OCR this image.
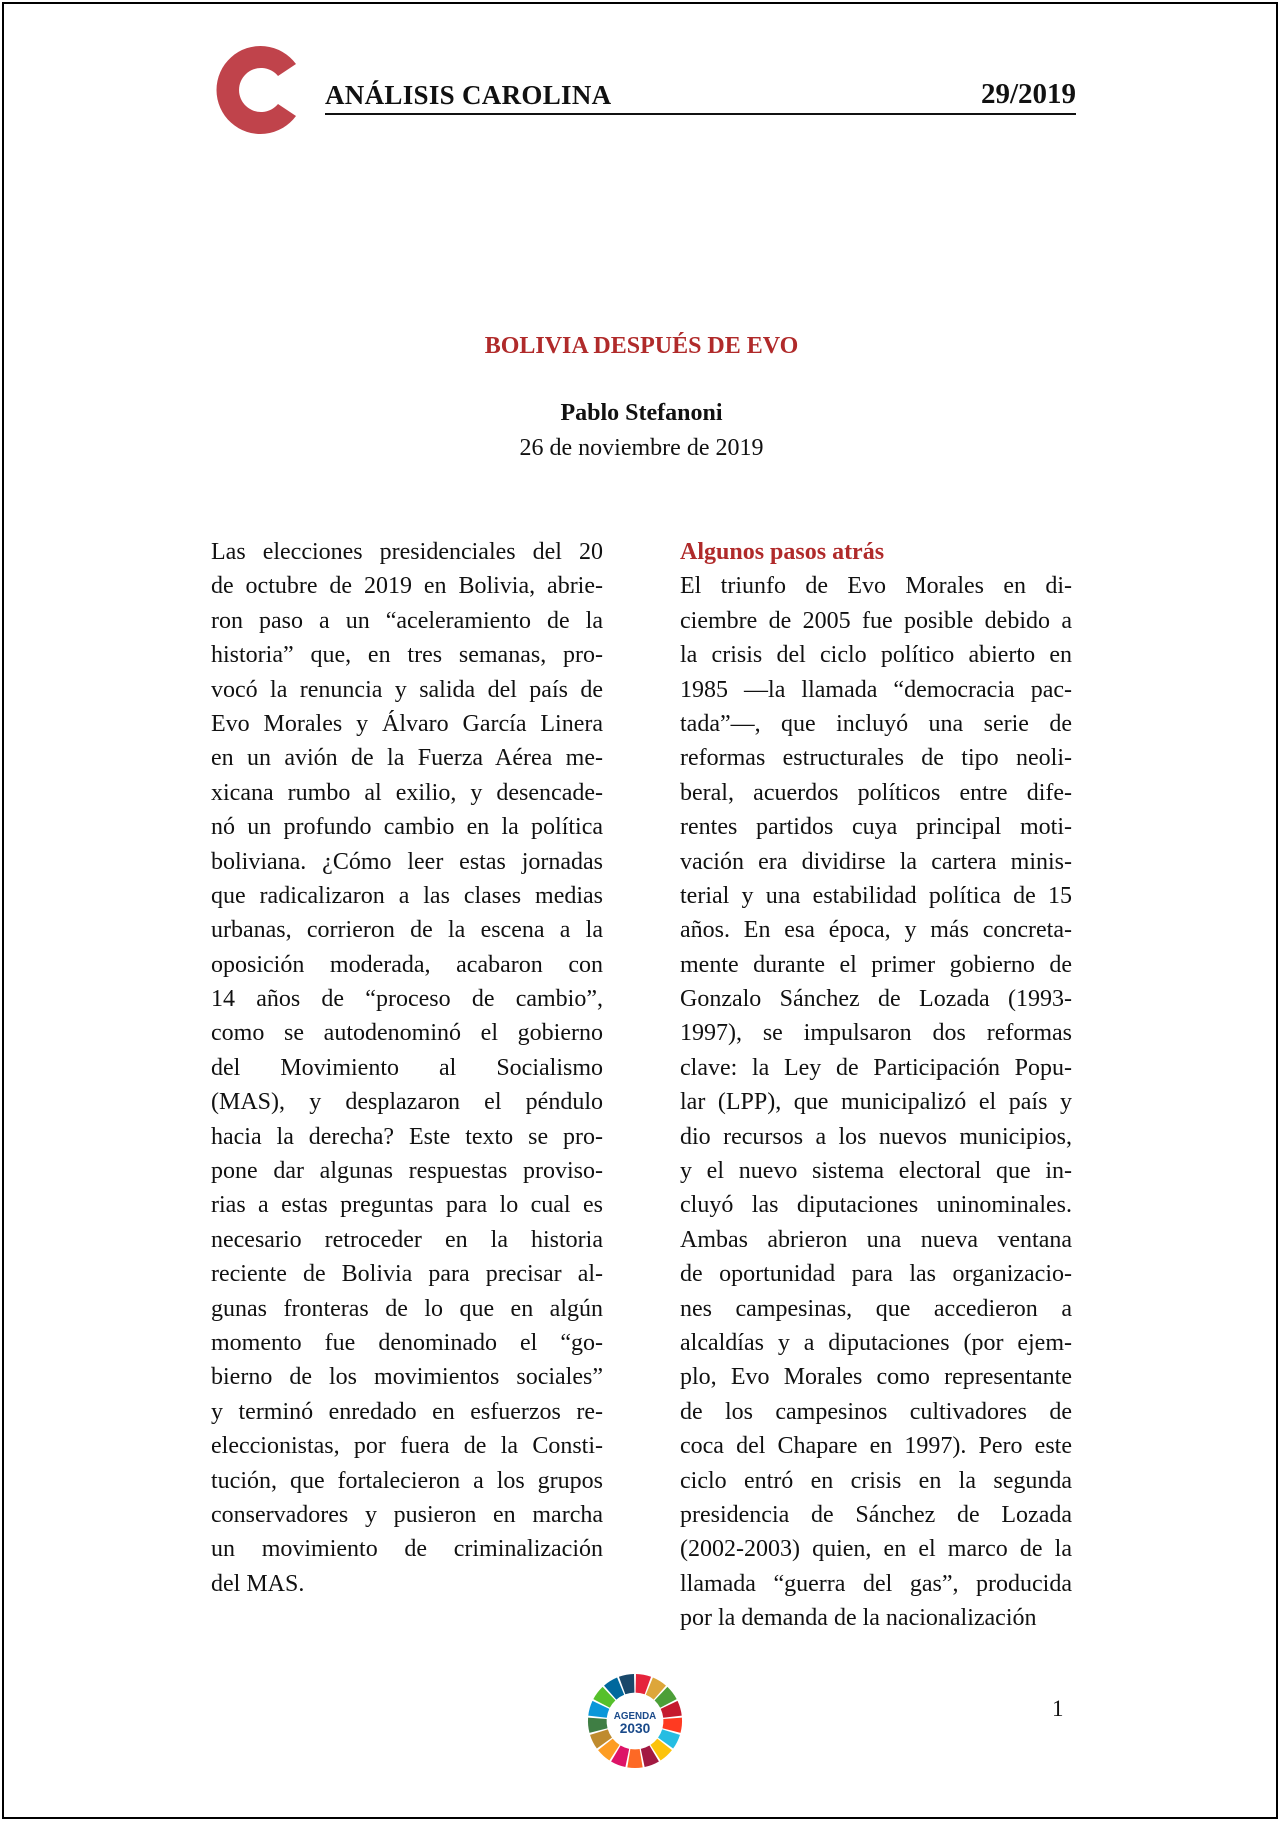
ANÁLISIS CAROLINA	29/2019
BOLIVIA DESPUÉS DE EVO
Pablo Stefanoni
26 de noviembre de 2019
Las elecciones presidenciales del 20
de octubre de 2019 en Bolivia, abrie-
ron paso a un “aceleramiento de la
historia” que, en tres semanas, pro-
vocó la renuncia y salida del país de
Evo Morales y Álvaro García Linera
en un avión de la Fuerza Aérea me-
xicana rumbo al exilio, y desencade-
nó un profundo cambio en la política
boliviana. ¿Cómo leer estas jornadas
que radicalizaron a las clases medias
urbanas, corrieron de la escena a la
oposición moderada, acabaron con
14 años de “proceso de cambio”,
como se autodenominó el gobierno
del Movimiento al Socialismo
(MAS), y desplazaron el péndulo
hacia la derecha? Este texto se pro-
pone dar algunas respuestas proviso-
rias a estas preguntas para lo cual es
necesario retroceder en la historia
reciente de Bolivia para precisar al-
gunas fronteras de lo que en algún
momento fue denominado el “go-
bierno de los movimientos sociales”
y terminó enredado en esfuerzos re-
eleccionistas, por fuera de la Consti-
tución, que fortalecieron a los grupos
conservadores y pusieron en marcha
un movimiento de criminalización
del MAS.
Algunos pasos atrás
El triunfo de Evo Morales en di-
ciembre de 2005 fue posible debido a
la crisis del ciclo político abierto en
1985 —la llamada “democracia pac-
tada”—, que incluyó una serie de
reformas estructurales de tipo neoli-
beral, acuerdos políticos entre dife-
rentes partidos cuya principal moti-
vación era dividirse la cartera minis-
terial y una estabilidad política de 15
años. En esa época, y más concreta-
mente durante el primer gobierno de
Gonzalo Sánchez de Lozada (1993-
1997), se impulsaron dos reformas
clave: la Ley de Participación Popu-
lar (LPP), que municipalizó el país y
dio recursos a los nuevos municipios,
y el nuevo sistema electoral que in-
cluyó las diputaciones uninominales.
Ambas abrieron una nueva ventana
de oportunidad para las organizacio-
nes campesinas, que accedieron a
alcaldías y a diputaciones (por ejem-
plo, Evo Morales como representante
de los campesinos cultivadores de
coca del Chapare en 1997). Pero este
ciclo entró en crisis en la segunda
presidencia de Sánchez de Lozada
(2002-2003) quien, en el marco de la
llamada “guerra del gas”, producida
por la demanda de la nacionalización
AGENDA
2030
1
